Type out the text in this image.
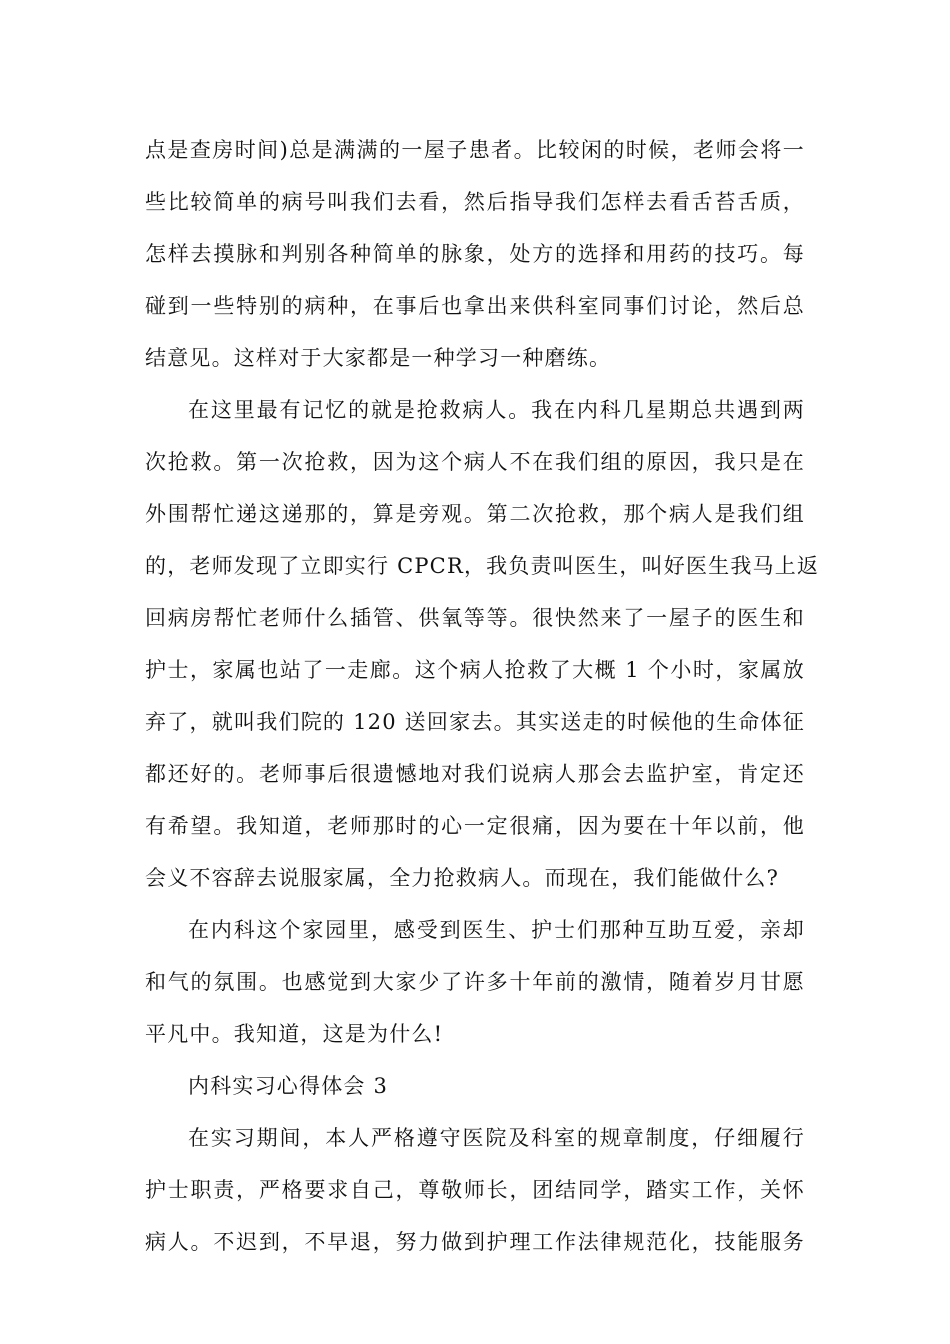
点是查房时间)总是满满的一屋子患者。比较闲的时候，老师会将一
些比较简单的病号叫我们去看，然后指导我们怎样去看舌苔舌质，
怎样去摸脉和判别各种简单的脉象，处方的选择和用药的技巧。每
碰到一些特别的病种，在事后也拿出来供科室同事们讨论，然后总
结意见。这样对于大家都是一种学习一种磨练。
在这里最有记忆的就是抢救病人。我在内科几星期总共遇到两
次抢救。第一次抢救，因为这个病人不在我们组的原因，我只是在
外围帮忙递这递那的，算是旁观。第二次抢救，那个病人是我们组
的，老师发现了立即实行 CPCR，我负责叫医生，叫好医生我马上返
回病房帮忙老师什么插管、供氧等等。很快然来了一屋子的医生和
护士，家属也站了一走廊。这个病人抢救了大概 1 个小时，家属放
弃了，就叫我们院的 120 送回家去。其实送走的时候他的生命体征
都还好的。老师事后很遗憾地对我们说病人那会去监护室，肯定还
有希望。我知道，老师那时的心一定很痛，因为要在十年以前，他
会义不容辞去说服家属，全力抢救病人。而现在，我们能做什么?
在内科这个家园里，感受到医生、护士们那种互助互爱，亲却
和气的氛围。也感觉到大家少了许多十年前的激情，随着岁月甘愿
平凡中。我知道，这是为什么!
内科实习心得体会 3
在实习期间，本人严格遵守医院及科室的规章制度，仔细履行
护士职责，严格要求自己，尊敬师长，团结同学，踏实工作，关怀
病人。不迟到，不早退，努力做到护理工作法律规范化，技能服务
